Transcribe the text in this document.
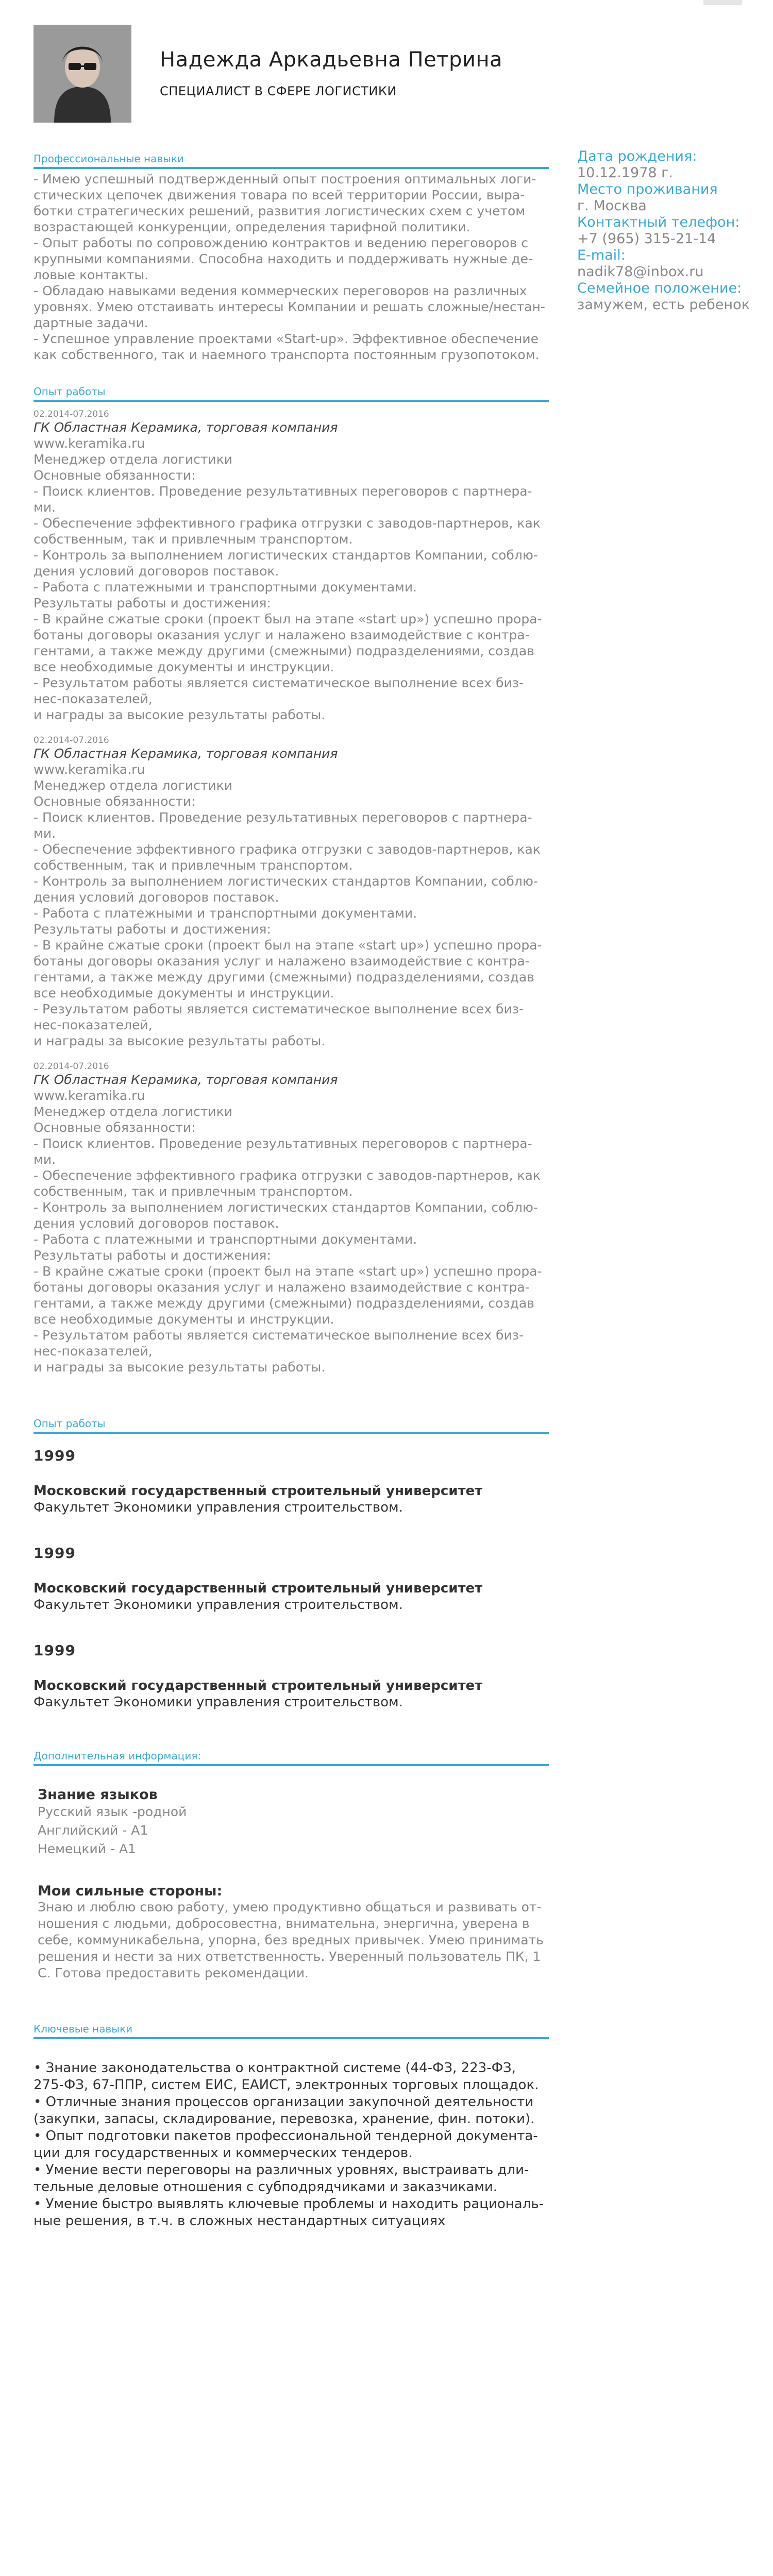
Надежда Аркадьевна Петрина
СПЕЦИАЛИСТ В СФЕРЕ ЛОГИСТИКИ
Профессиональные навыки
- Имею успешный подтвержденный опыт построения оптимальных логи-
стических цепочек движения товара по всей территории России, выра-
ботки стратегических решений, развития логистических схем с учетом
возрастающей конкуренции, определения тарифной политики.
- Опыт работы по сопровождению контрактов и ведению переговоров с
крупными компаниями. Способна находить и поддерживать нужные де-
ловые контакты.
- Обладаю навыками ведения коммерческих переговоров на различных
уровнях. Умею отстаивать интересы Компании и решать сложные/нестан-
дартные задачи.
- Успешное управление проектами «Start-up». Эффективное обеспечение
как собственного, так и наемного транспорта постоянным грузопотоком.
Опыт работы
02.2014-07.2016
ГК Областная Керамика, торговая компания
www.keramika.ru
Менеджер отдела логистики
Основные обязанности:
- Поиск клиентов. Проведение результативных переговоров с партнера-
ми.
- Обеспечение эффективного графика отгрузки с заводов-партнеров, как
собственным, так и привлечным транспортом.
- Контроль за выполнением логистических стандартов Компании, соблю-
дения условий договоров поставок.
- Работа с платежными и транспортными документами.
Результаты работы и достижения:
- В крайне сжатые сроки (проект был на этапе «start up») успешно прора-
ботаны договоры оказания услуг и налажено взаимодействие с контра-
гентами, а также между другими (смежными) подразделениями, создав
все необходимые документы и инструкции.
- Результатом работы является систематическое выполнение всех биз-
нес-показателей,
и награды за высокие результаты работы.
02.2014-07.2016
ГК Областная Керамика, торговая компания
www.keramika.ru
Менеджер отдела логистики
Основные обязанности:
- Поиск клиентов. Проведение результативных переговоров с партнера-
ми.
- Обеспечение эффективного графика отгрузки с заводов-партнеров, как
собственным, так и привлечным транспортом.
- Контроль за выполнением логистических стандартов Компании, соблю-
дения условий договоров поставок.
- Работа с платежными и транспортными документами.
Результаты работы и достижения:
- В крайне сжатые сроки (проект был на этапе «start up») успешно прора-
ботаны договоры оказания услуг и налажено взаимодействие с контра-
гентами, а также между другими (смежными) подразделениями, создав
все необходимые документы и инструкции.
- Результатом работы является систематическое выполнение всех биз-
нес-показателей,
и награды за высокие результаты работы.
02.2014-07.2016
ГК Областная Керамика, торговая компания
www.keramika.ru
Менеджер отдела логистики
Основные обязанности:
- Поиск клиентов. Проведение результативных переговоров с партнера-
ми.
- Обеспечение эффективного графика отгрузки с заводов-партнеров, как
собственным, так и привлечным транспортом.
- Контроль за выполнением логистических стандартов Компании, соблю-
дения условий договоров поставок.
- Работа с платежными и транспортными документами.
Результаты работы и достижения:
- В крайне сжатые сроки (проект был на этапе «start up») успешно прора-
ботаны договоры оказания услуг и налажено взаимодействие с контра-
гентами, а также между другими (смежными) подразделениями, создав
все необходимые документы и инструкции.
- Результатом работы является систематическое выполнение всех биз-
нес-показателей,
и награды за высокие результаты работы.
Опыт работы
1999
Московский государственный строительный университет
Факультет Экономики управления строительством.
1999
Московский государственный строительный университет
Факультет Экономики управления строительством.
1999
Московский государственный строительный университет
Факультет Экономики управления строительством.
Дополнительная информация:
Знание языков
Русский язык -родной
Английский - А1
Немецкий - А1
Мои сильные стороны:
Знаю и люблю свою работу, умею продуктивно общаться и развивать от-
ношения с людьми, добросовестна, внимательна, энергична, уверена в
себе, коммуникабельна, упорна, без вредных привычек. Умею принимать
решения и нести за них ответственность. Уверенный пользователь ПК, 1
С. Готова предоставить рекомендации.
Ключевые навыки
• Знание законодательства о контрактной системе (44-ФЗ, 223-ФЗ,
275-ФЗ, 67-ППР, систем ЕИС, ЕАИСТ, электронных торговых площадок.
• Отличные знания процессов организации закупочной деятельности
(закупки, запасы, складирование, перевозка, хранение, фин. потоки).
• Опыт подготовки пакетов профессиональной тендерной документа-
ции для государственных и коммерческих тендеров.
• Умение вести переговоры на различных уровнях, выстраивать дли-
тельные деловые отношения с субподрядчиками и заказчиками.
• Умение быстро выявлять ключевые проблемы и находить рациональ-
ные решения, в т.ч. в сложных нестандартных ситуациях
Дата рождения:
10.12.1978 г.
Место проживания
г. Москва
Контактный телефон:
+7 (965) 315-21-14
E-mail: nadik78@inbox.ru
Семейное положение:
замужем, есть ребенок
